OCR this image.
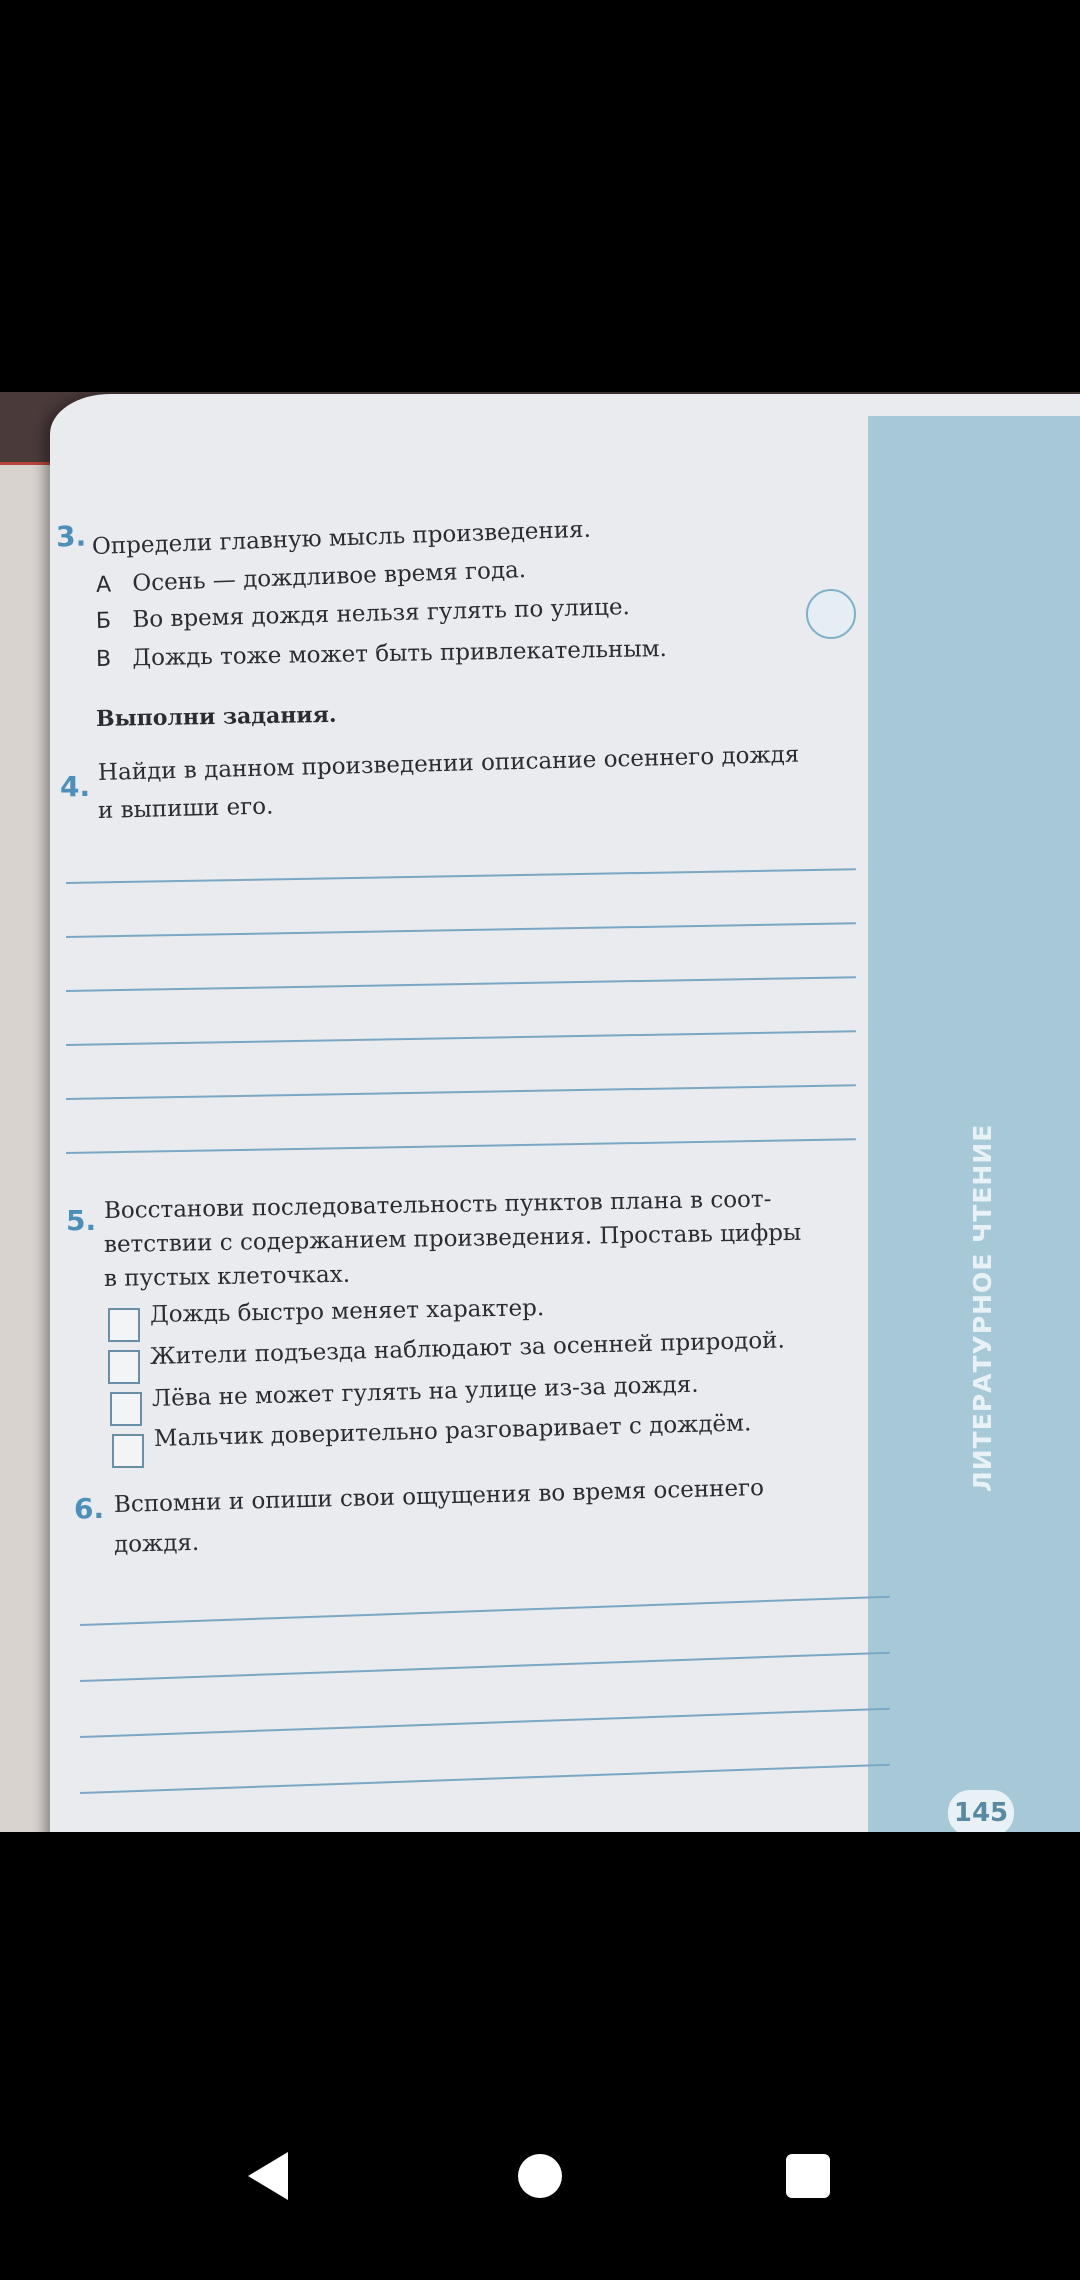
3. Определи главную мысль произведения.
А Осень — дождливое время года.
Б Во время дождя нельзя гулять по улице.
В Дождь тоже может быть привлекательным.
Выполни задания.
4.
Найди в данном произведении описание осеннего дождя
и выпиши его.
5. Восстанови последовательность пунктов плана в соот-
ветствии с содержанием произведения. Проставь цифры
в пустых клеточках.
Дождь быстро меняет характер.
Жители подъезда наблюдают за осенней природой.
Лёва не может гулять на улице из-за дождя.
Мальчик доверительно разговаривает с дождём.
6. Вспомни и опиши свои ощущения во время осеннего
дождя.
ЛИТЕРАТУРНОЕ ЧТЕНИЕ
145
